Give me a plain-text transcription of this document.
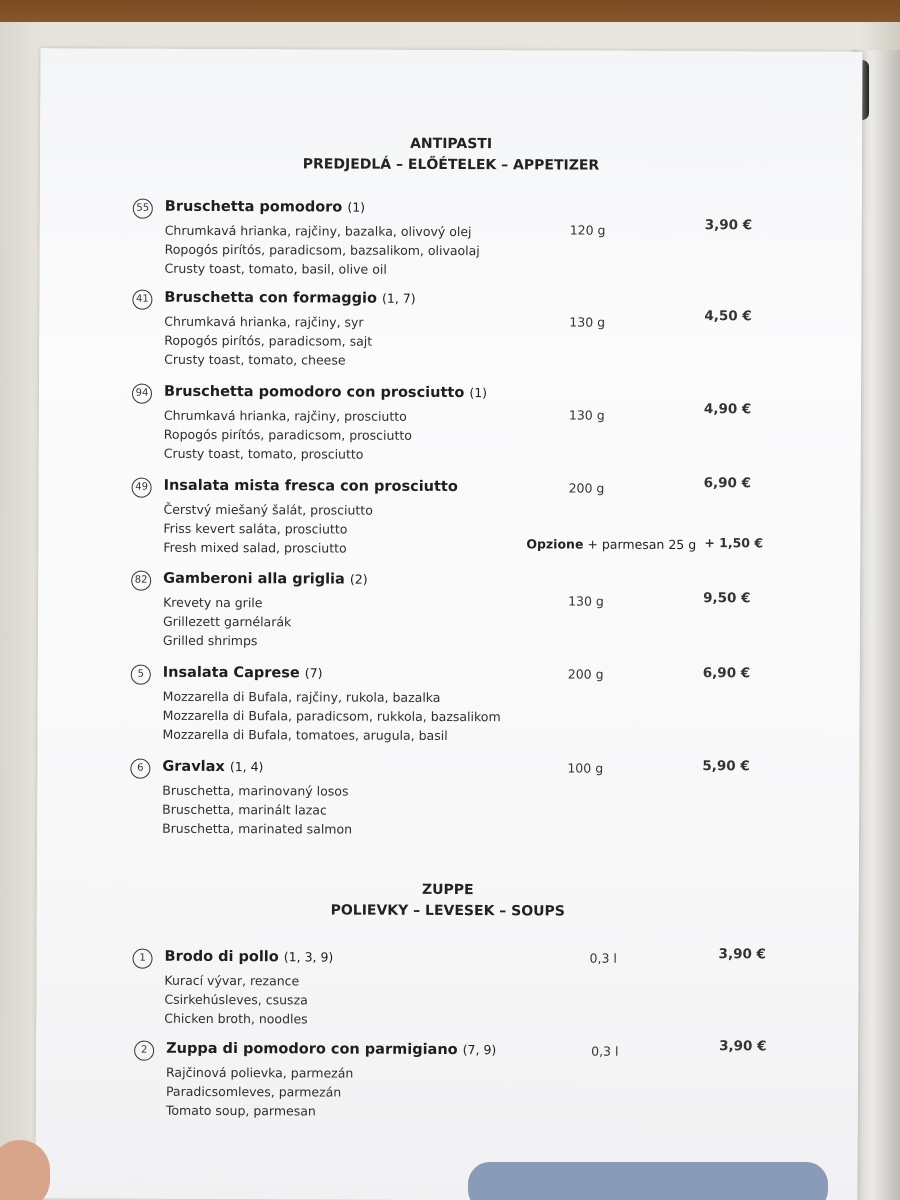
ANTIPASTI
PREDJEDLÁ – ELŐÉTELEK – APPETIZER
55 Bruschetta pomodoro (1)
Chrumkavá hrianka, rajčiny, bazalka, olivový olej
Ropogós pirítós, paradicsom, bazsalikom, olivaolaj
Crusty toast, tomato, basil, olive oil
120 g	3,90 €
41 Bruschetta con formaggio (1, 7)
Chrumkavá hrianka, rajčiny, syr
Ropogós pirítós, paradicsom, sajt
Crusty toast, tomato, cheese
130 g	4,50 €
94 Bruschetta pomodoro con prosciutto (1)
Chrumkavá hrianka, rajčiny, prosciutto
Ropogós pirítós, paradicsom, prosciutto
Crusty toast, tomato, prosciutto
130 g	4,90 €
49 Insalata mista fresca con prosciutto
Čerstvý miešaný šalát, prosciutto
Friss kevert saláta, prosciutto
Fresh mixed salad, prosciutto
200 g	6,90 €
Opzione + parmesan 25 g + 1,50 €
82 Gamberoni alla griglia (2)
Krevety na grile
Grillezett garnélarák
Grilled shrimps
130 g	9,50 €
5	Insalata Caprese (7)
Mozzarella di Bufala, rajčiny, rukola, bazalka
Mozzarella di Bufala, paradicsom, rukkola, bazsalikom
Mozzarella di Bufala, tomatoes, arugula, basil
200 g	6,90 €
6	Gravlax (1, 4)
Bruschetta, marinovaný losos
Bruschetta, marinált lazac
Bruschetta, marinated salmon
100 g	5,90 €
ZUPPE
POLIEVKY – LEVESEK – SOUPS
1	Brodo di pollo (1, 3, 9)
Kurací vývar, rezance
Csirkehúsleves, csusza
Chicken broth, noodles
0,3 l	3,90 €
2	Zuppa di pomodoro con parmigiano (7, 9)
Rajčinová polievka, parmezán
Paradicsomleves, parmezán
Tomato soup, parmesan
0,3 l	3,90 €
